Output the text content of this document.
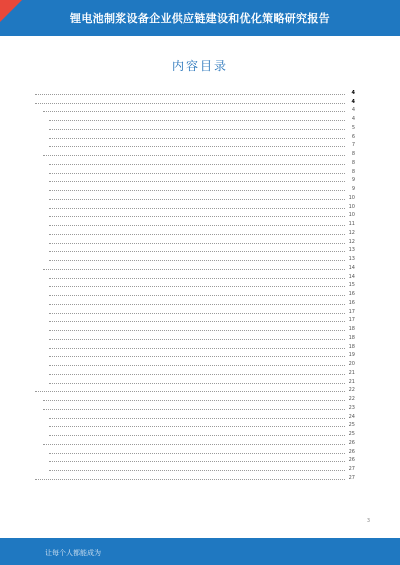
锂电池制浆设备企业供应链建设和优化策略研究报告
内容目录
4
4
4
4
5
6
7
8
8
8
9
9
10
10
10
11
12
12
13
13
14
14
15
16
16
17
17
18
18
18
19
20
21
21
22
22
23
24
25
25
26
26
26
27
27
3
让每个人都能成为
